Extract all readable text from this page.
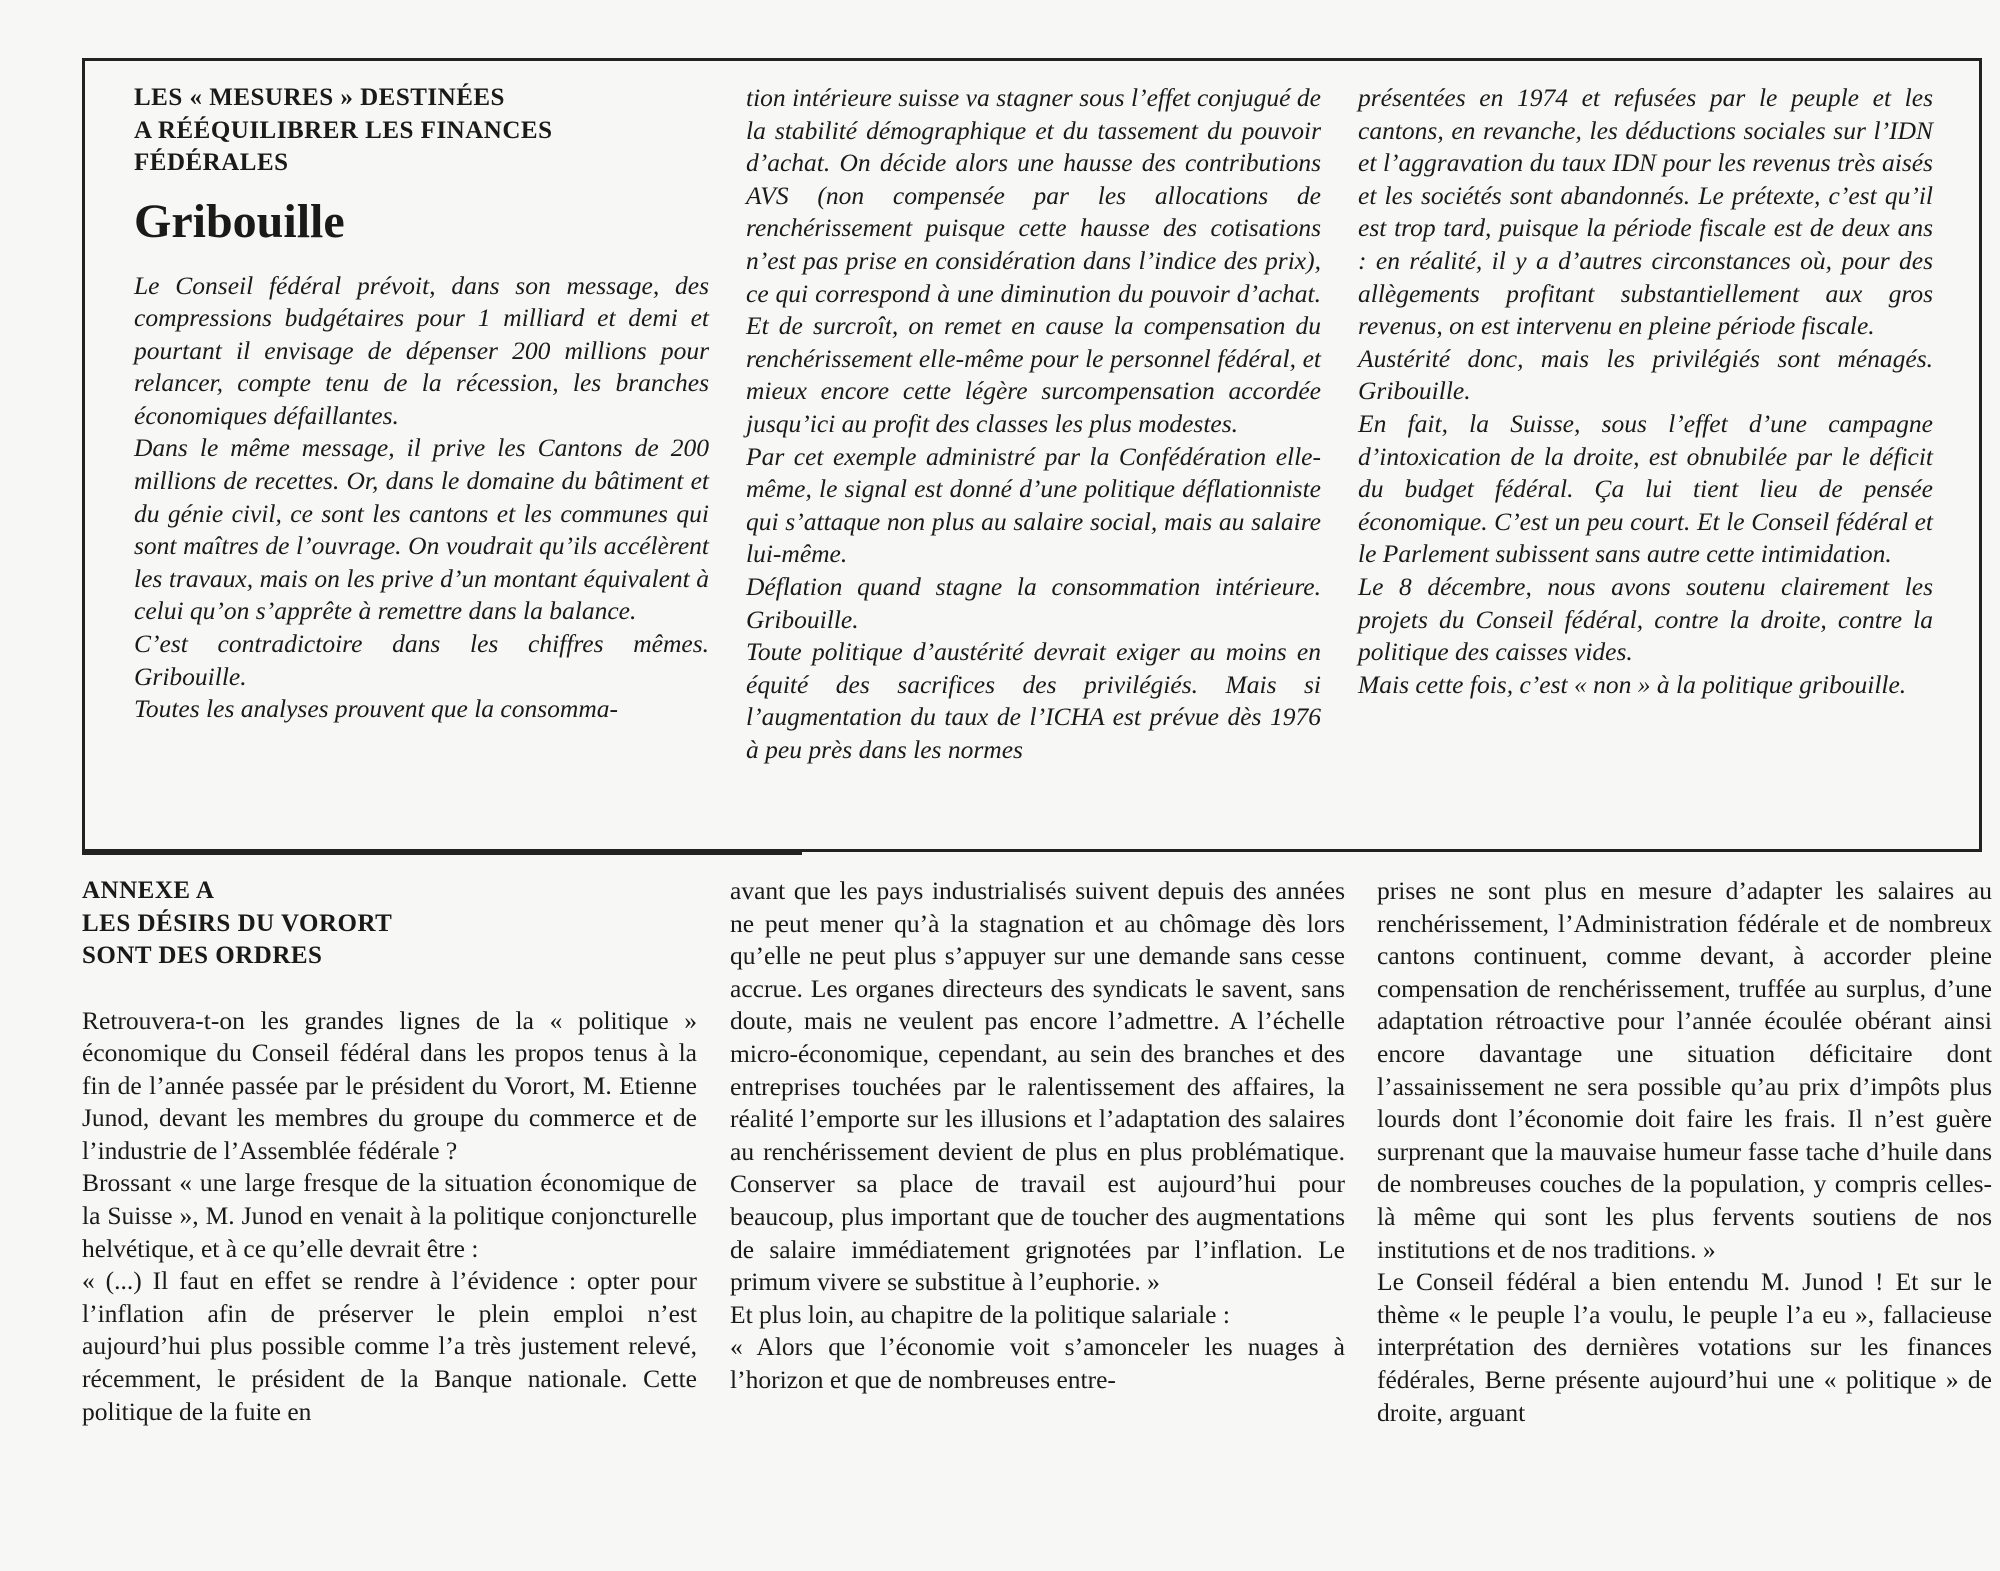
LES « MESURES » DESTINÉES
A RÉÉQUILIBRER LES FINANCES
FÉDÉRALES

Gribouille

Le Conseil fédéral prévoit, dans son message, des compressions budgétaires pour 1 milliard et demi et pourtant il envisage de dépenser 200 millions pour relancer, compte tenu de la récession, les branches économiques défaillantes.

Dans le même message, il prive les Cantons de 200 millions de recettes. Or, dans le domaine du bâtiment et du génie civil, ce sont les cantons et les communes qui sont maîtres de l’ouvrage. On voudrait qu’ils accélèrent les travaux, mais on les prive d’un montant équivalent à celui qu’on s’apprête à remettre dans la balance.

C’est contradictoire dans les chiffres mêmes. Gribouille.

Toutes les analyses prouvent que la consomma-

tion intérieure suisse va stagner sous l’effet conjugué de la stabilité démographique et du tassement du pouvoir d’achat. On décide alors une hausse des contributions AVS (non compensée par les allocations de renchérissement puisque cette hausse des cotisations n’est pas prise en considération dans l’indice des prix), ce qui correspond à une diminution du pouvoir d’achat. Et de surcroît, on remet en cause la compensation du renchérissement elle-même pour le personnel fédéral, et mieux encore cette légère surcompensation accordée jusqu’ici au profit des classes les plus modestes.

Par cet exemple administré par la Confédération elle-même, le signal est donné d’une politique déflationniste qui s’attaque non plus au salaire social, mais au salaire lui-même.

Déflation quand stagne la consommation intérieure. Gribouille.

Toute politique d’austérité devrait exiger au moins en équité des sacrifices des privilégiés. Mais si l’augmentation du taux de l’ICHA est prévue dès 1976 à peu près dans les normes

présentées en 1974 et refusées par le peuple et les cantons, en revanche, les déductions sociales sur l’IDN et l’aggravation du taux IDN pour les revenus très aisés et les sociétés sont abandonnés. Le prétexte, c’est qu’il est trop tard, puisque la période fiscale est de deux ans : en réalité, il y a d’autres circonstances où, pour des allègements profitant substantiellement aux gros revenus, on est intervenu en pleine période fiscale.

Austérité donc, mais les privilégiés sont ménagés. Gribouille.

En fait, la Suisse, sous l’effet d’une campagne d’intoxication de la droite, est obnubilée par le déficit du budget fédéral. Ça lui tient lieu de pensée économique. C’est un peu court. Et le Conseil fédéral et le Parlement subissent sans autre cette intimidation.

Le 8 décembre, nous avons soutenu clairement les projets du Conseil fédéral, contre la droite, contre la politique des caisses vides.

Mais cette fois, c’est « non » à la politique gribouille.

ANNEXE A
LES DÉSIRS DU VORORT
SONT DES ORDRES

Retrouvera-t-on les grandes lignes de la « politique » économique du Conseil fédéral dans les propos tenus à la fin de l’année passée par le président du Vorort, M. Etienne Junod, devant les membres du groupe du commerce et de l’industrie de l’Assemblée fédérale ?

Brossant « une large fresque de la situation économique de la Suisse », M. Junod en venait à la politique conjoncturelle helvétique, et à ce qu’elle devrait être :

« (...) Il faut en effet se rendre à l’évidence : opter pour l’inflation afin de préserver le plein emploi n’est aujourd’hui plus possible comme l’a très justement relevé, récemment, le président de la Banque nationale. Cette politique de la fuite en

avant que les pays industrialisés suivent depuis des années ne peut mener qu’à la stagnation et au chômage dès lors qu’elle ne peut plus s’appuyer sur une demande sans cesse accrue. Les organes directeurs des syndicats le savent, sans doute, mais ne veulent pas encore l’admettre. A l’échelle micro-économique, cependant, au sein des branches et des entreprises touchées par le ralentissement des affaires, la réalité l’emporte sur les illusions et l’adaptation des salaires au renchérissement devient de plus en plus problématique. Conserver sa place de travail est aujourd’hui pour beaucoup, plus important que de toucher des augmentations de salaire immédiatement grignotées par l’inflation. Le primum vivere se substitue à l’euphorie. »

Et plus loin, au chapitre de la politique salariale :

« Alors que l’économie voit s’amonceler les nuages à l’horizon et que de nombreuses entre-

prises ne sont plus en mesure d’adapter les salaires au renchérissement, l’Administration fédérale et de nombreux cantons continuent, comme devant, à accorder pleine compensation de renchérissement, truffée au surplus, d’une adaptation rétroactive pour l’année écoulée obérant ainsi encore davantage une situation déficitaire dont l’assainissement ne sera possible qu’au prix d’impôts plus lourds dont l’économie doit faire les frais. Il n’est guère surprenant que la mauvaise humeur fasse tache d’huile dans de nombreuses couches de la population, y compris celles-là même qui sont les plus fervents soutiens de nos institutions et de nos traditions. »

Le Conseil fédéral a bien entendu M. Junod ! Et sur le thème « le peuple l’a voulu, le peuple l’a eu », fallacieuse interprétation des dernières votations sur les finances fédérales, Berne présente aujourd’hui une « politique » de droite, arguant
